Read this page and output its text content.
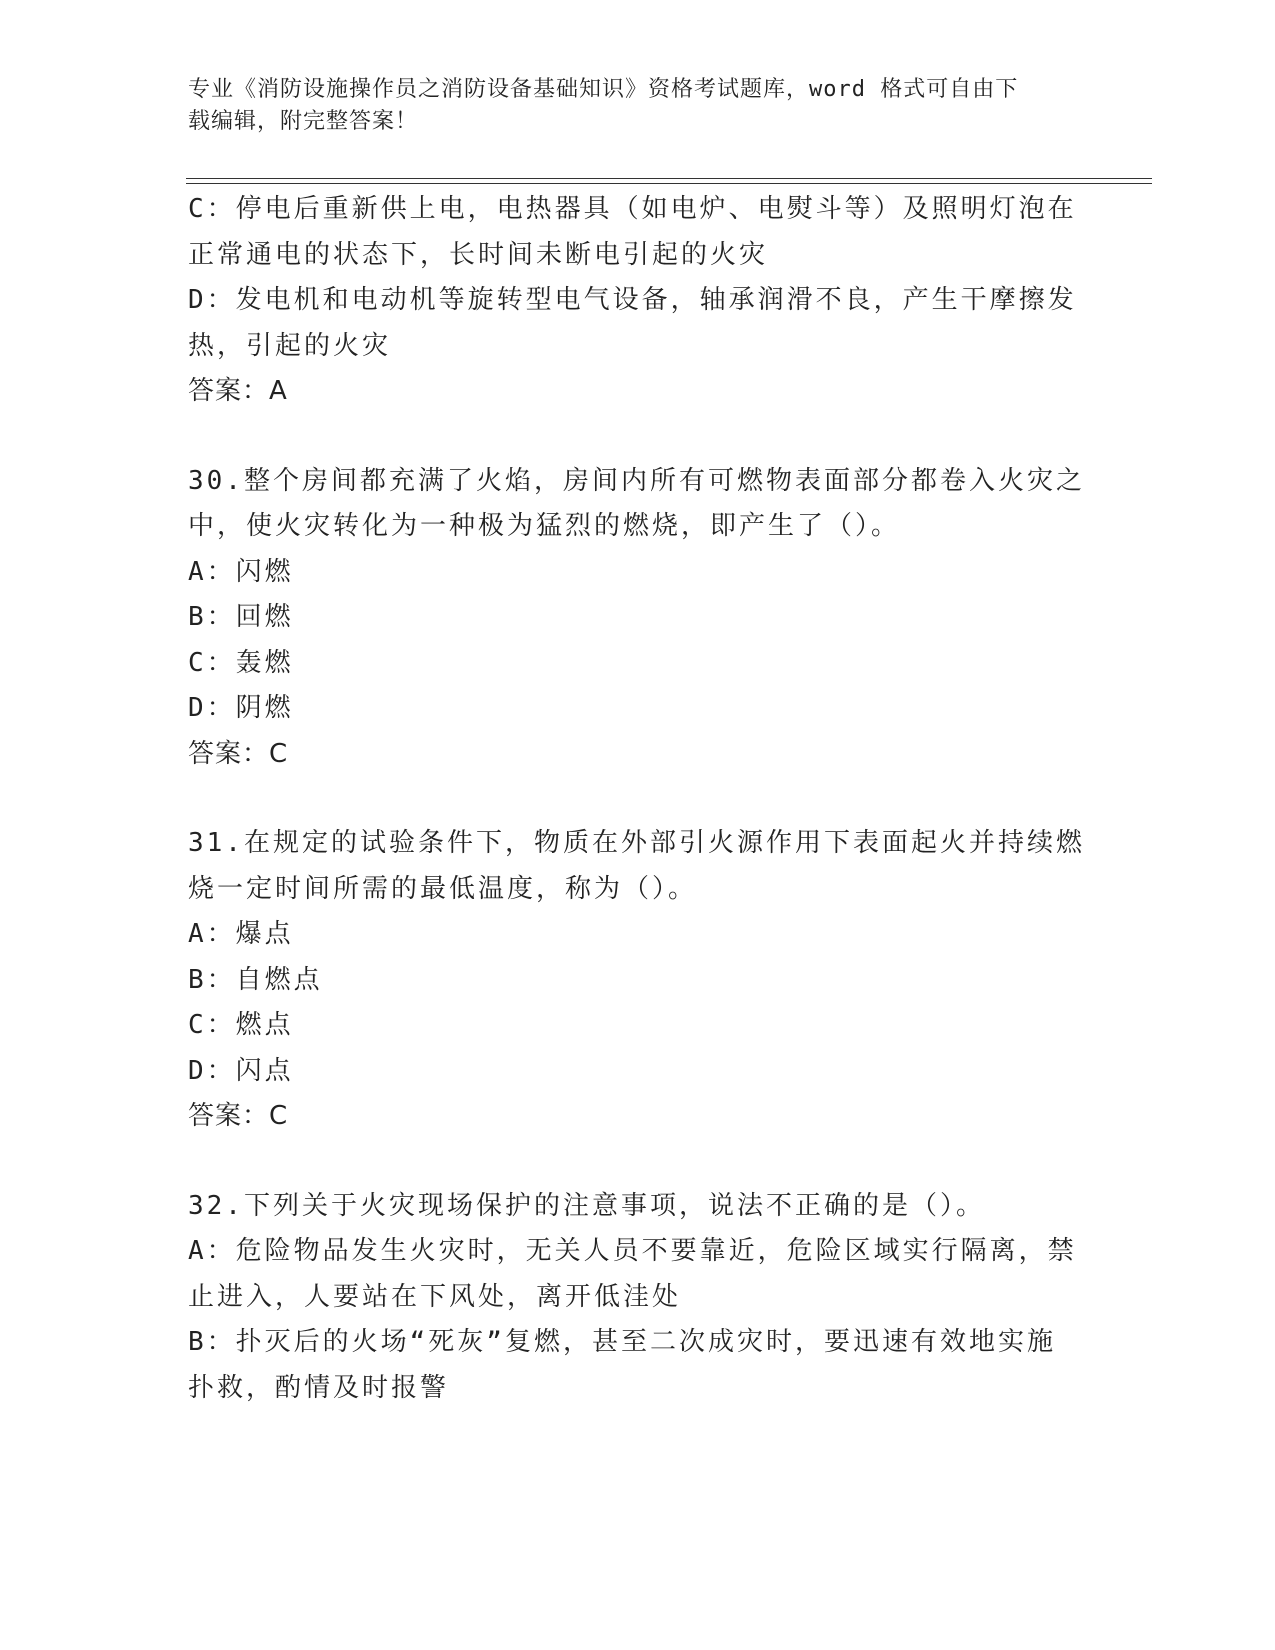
专业《消防设施操作员之消防设备基础知识》资格考试题库，word 格式可自由下
载编辑，附完整答案！
C：停电后重新供上电，电热器具（如电炉、电熨斗等）及照明灯泡在
正常通电的状态下，长时间未断电引起的火灾
D：发电机和电动机等旋转型电气设备，轴承润滑不良，产生干摩擦发
热，引起的火灾
答案：A
30.整个房间都充满了火焰，房间内所有可燃物表面部分都卷入火灾之
中，使火灾转化为一种极为猛烈的燃烧，即产生了（）。
A：闪燃
B：回燃
C：轰燃
D：阴燃
答案：C
31.在规定的试验条件下，物质在外部引火源作用下表面起火并持续燃
烧一定时间所需的最低温度，称为（）。
A：爆点
B：自燃点
C：燃点
D：闪点
答案：C
32.下列关于火灾现场保护的注意事项，说法不正确的是（）。
A：危险物品发生火灾时，无关人员不要靠近，危险区域实行隔离，禁
止进入，人要站在下风处，离开低洼处
B：扑灭后的火场“死灰”复燃，甚至二次成灾时，要迅速有效地实施
扑救，酌情及时报警
